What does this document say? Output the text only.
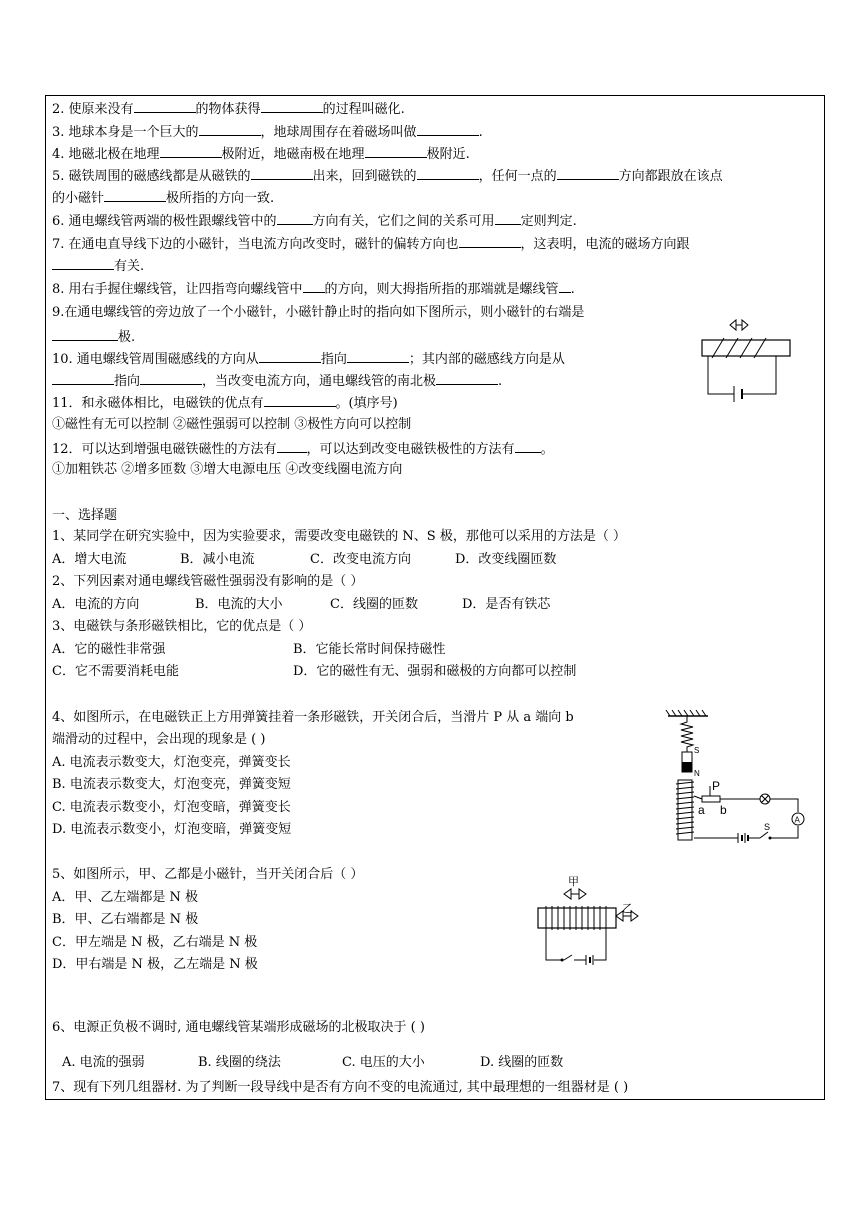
2. 使原来没有	的物体获得	的过程叫磁化.
3. 地球本身是一个巨大的	，地球周围存在着磁场叫做	.
4. 地磁北极在地理	极附近，地磁南极在地理	极附近.
5. 磁铁周围的磁感线都是从磁铁的	出来，回到磁铁的	，任何一点的	方向都跟放在该点
的小磁针	极所指的方向一致.
6. 通电螺线管两端的极性跟螺线管中的	方向有关，它们之间的关系可用 定则判定.
7. 在通电直导线下边的小磁针，当电流方向改变时，磁针的偏转方向也	，这表明，电流的磁场方向跟
有关.
8. 用右手握住螺线管，让四指弯向螺线管中 的方向，则大拇指所指的那端就是螺线管 .
9.在通电螺线管的旁边放了一个小磁针，小磁针静止时的指向如下图所示，则小磁针的右端是
极.
10. 通电螺线管周围磁感线的方向从	指向	；其内部的磁感线方向是从
指向	，当改变电流方向，通电螺线管的南北极	.
11．和永磁体相比，电磁铁的优点有	。(填序号)
①磁性有无可以控制 ②磁性强弱可以控制 ③极性方向可以控制
12．可以达到增强电磁铁磁性的方法有 ，可以达到改变电磁铁极性的方法有 。
①加粗铁芯 ②增多匝数 ③增大电源电压 ④改变线圈电流方向
一、选择题
1、某同学在研究实验中，因为实验要求，需要改变电磁铁的 N、S 极，那他可以采用的方法是（ ）
A．增大电流	B．减小电流	C．改变电流方向	D．改变线圈匝数
2、下列因素对通电螺线管磁性强弱没有影响的是（ ）
A．电流的方向	B．电流的大小	C．线圈的匝数	D．是否有铁芯
3、电磁铁与条形磁铁相比，它的优点是（ ）
A．它的磁性非常强	B．它能长常时间保持磁性
C．它不需要消耗电能	D．它的磁性有无、强弱和磁极的方向都可以控制
4、如图所示，在电磁铁正上方用弹簧挂着一条形磁铁，开关闭合后，当滑片 P 从 a 端向 b
端滑动的过程中，会出现的现象是 ( )
A. 电流表示数变大，灯泡变亮，弹簧变长
B. 电流表示数变大，灯泡变亮，弹簧变短
C. 电流表示数变小，灯泡变暗，弹簧变长
D. 电流表示数变小，灯泡变暗，弹簧变短
5、如图所示，甲、乙都是小磁针，当开关闭合后（ ）
A．甲、乙左端都是 N 极
B．甲、乙右端都是 N 极
C．甲左端是 N 极，乙右端是 N 极
D．甲右端是 N 极，乙左端是 N 极
6、电源正负极不调时, 通电螺线管某端形成磁场的北极取决于 ( )
A. 电流的强弱	B. 线圈的绕法	C. 电压的大小	D. 线圈的匝数
7、现有下列几组器材. 为了判断一段导线中是否有方向不变的电流通过, 其中最理想的一组器材是 ( )
S
N
P
a b
A
S
甲
乙
